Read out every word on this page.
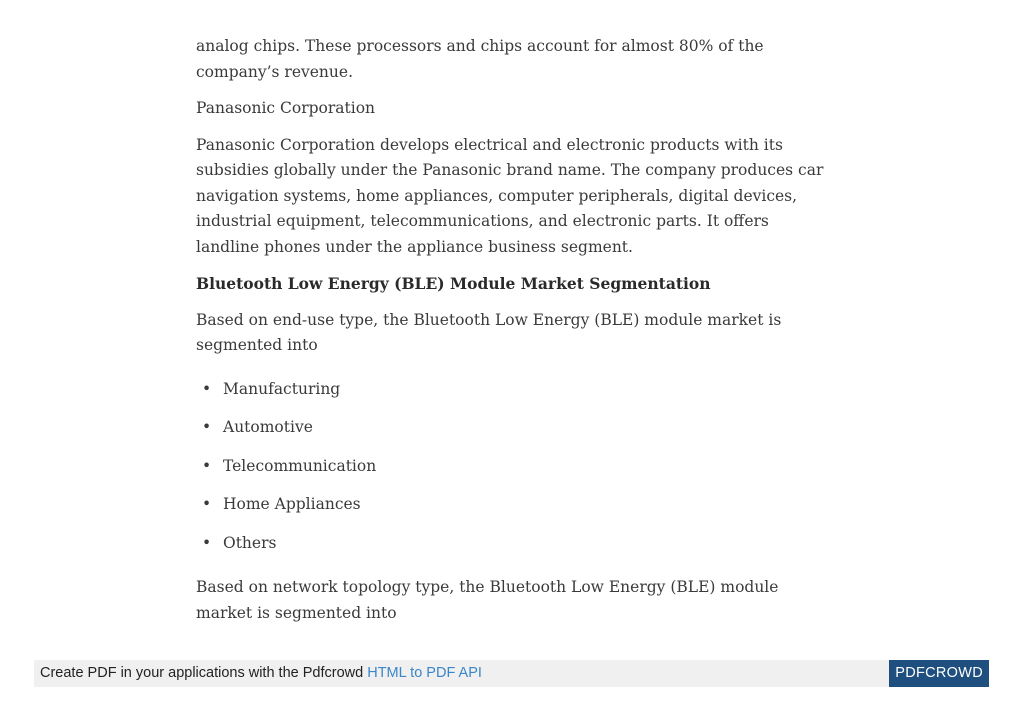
analog chips. These processors and chips account for almost 80% of the company’s revenue.

Panasonic Corporation

Panasonic Corporation develops electrical and electronic products with its subsidies globally under the Panasonic brand name. The company produces car navigation systems, home appliances, computer peripherals, digital devices, industrial equipment, telecommunications, and electronic parts. It offers landline phones under the appliance business segment.

Bluetooth Low Energy (BLE) Module Market Segmentation

Based on end-use type, the Bluetooth Low Energy (BLE) module market is segmented into

• Manufacturing
• Automotive
• Telecommunication
• Home Appliances
• Others

Based on network topology type, the Bluetooth Low Energy (BLE) module market is segmented into

Create PDF in your applications with the Pdfcrowd HTML to PDF API	PDFCROWD
